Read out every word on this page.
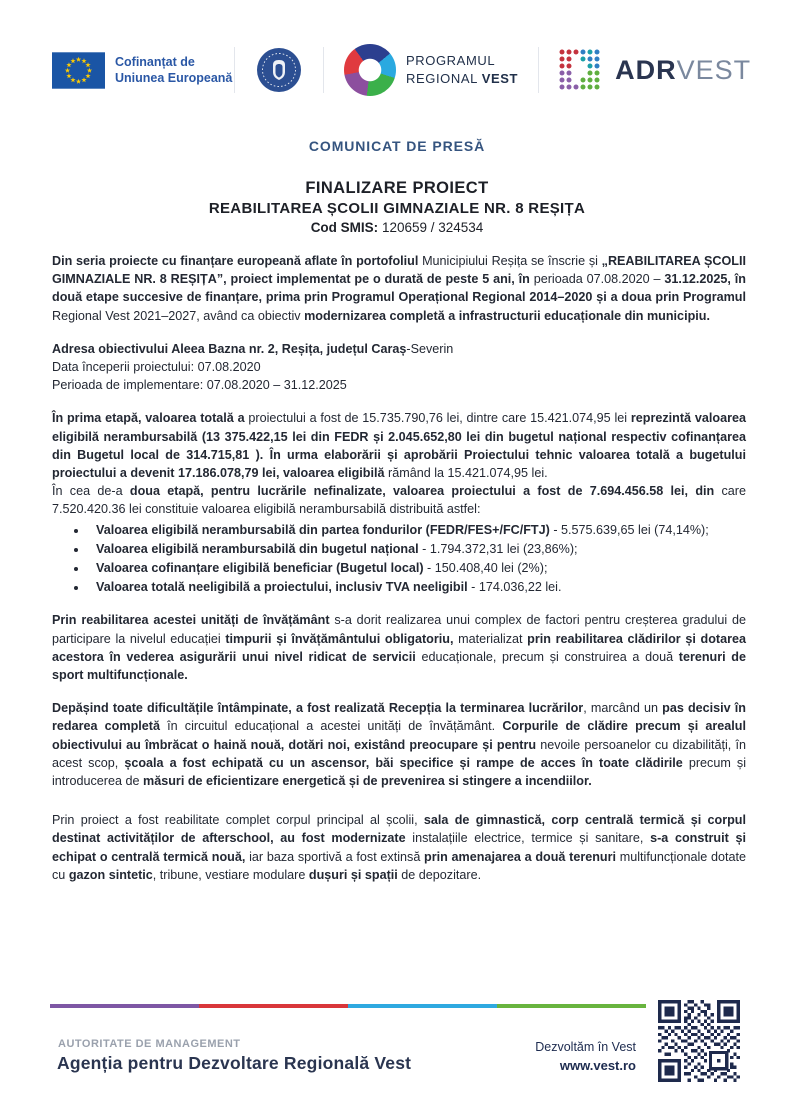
Cofinanțat de
Uniunea Europeană
PROGRAMUL
REGIONAL VEST	ADRVEST
COMUNICAT DE PRESĂ
FINALIZARE PROIECT
REABILITAREA ȘCOLII GIMNAZIALE NR. 8 REȘIȚA
Cod SMIS: 120659 / 324534

Din seria proiecte cu finanțare europeană aflate în portofoliul Municipiului Reșița se înscrie și „REABILITAREA ȘCOLII GIMNAZIALE NR. 8 REȘIȚA”, proiect implementat pe o durată de peste 5 ani, în perioada 07.08.2020 – 31.12.2025, în două etape succesive de finanțare, prima prin Programul Operațional Regional 2014–2020 și a doua prin Programul Regional Vest 2021–2027, având ca obiectiv modernizarea completă a infrastructurii educaționale din municipiu.

Adresa obiectivului Aleea Bazna nr. 2, Reșița, județul Caraș-Severin
Data începerii proiectului: 07.08.2020
Perioada de implementare: 07.08.2020 – 31.12.2025

În prima etapă, valoarea totală a proiectului a fost de 15.735.790,76 lei, dintre care 15.421.074,95 lei reprezintă valoarea eligibilă nerambursabilă (13 375.422,15 lei din FEDR și 2.045.652,80 lei din bugetul național respectiv cofinanțarea din Bugetul local de 314.715,81 ). În urma elaborării și aprobării Proiectului tehnic valoarea totală a bugetului proiectului a devenit 17.186.078,79 lei, valoarea eligibilă rămând la 15.421.074,95 lei.

În cea de-a doua etapă, pentru lucrările nefinalizate, valoarea proiectului a fost de 7.694.456.58 lei, din care 7.520.420.36 lei constituie valoarea eligibilă nerambursabilă distribuită astfel:

• Valoarea eligibilă nerambursabilă din partea fondurilor (FEDR/FES+/FC/FTJ) - 5.575.639,65 lei (74,14%);
• Valoarea eligibilă nerambursabilă din bugetul național - 1.794.372,31 lei (23,86%);
• Valoarea cofinanțare eligibilă beneficiar (Bugetul local) - 150.408,40 lei (2%);
• Valoarea totală neeligibilă a proiectului, inclusiv TVA neeligibil - 174.036,22 lei.

Prin reabilitarea acestei unități de învățământ s-a dorit realizarea unui complex de factori pentru creșterea gradului de participare la nivelul educației timpurii și învățământului obligatoriu, materializat prin reabilitarea clădirilor și dotarea acestora în vederea asigurării unui nivel ridicat de servicii educaționale, precum și construirea a două terenuri de sport multifuncționale.

Depășind toate dificultățile întâmpinate, a fost realizată Recepția la terminarea lucrărilor, marcând un pas decisiv în redarea completă în circuitul educațional a acestei unități de învățământ. Corpurile de clădire precum și arealul obiectivului au îmbrăcat o haină nouă, dotări noi, existând preocupare și pentru nevoile persoanelor cu dizabilități, în acest scop, școala a fost echipată cu un ascensor, băi specifice și rampe de acces în toate clădirile precum și introducerea de măsuri de eficientizare energetică și de prevenirea si stingere a incendiilor.

Prin proiect a fost reabilitate complet corpul principal al școlii, sala de gimnastică, corp centrală termică și corpul destinat activităților de afterschool, au fost modernizate instalațiile electrice, termice și sanitare, s-a construit și echipat o centrală termică nouă, iar baza sportivă a fost extinsă prin amenajarea a două terenuri multifuncționale dotate cu gazon sintetic, tribune, vestiare modulare dușuri și spații de depozitare.

AUTORITATE DE MANAGEMENT
Agenția pentru Dezvoltare Regională Vest
Dezvoltăm în Vest
www.vest.ro
